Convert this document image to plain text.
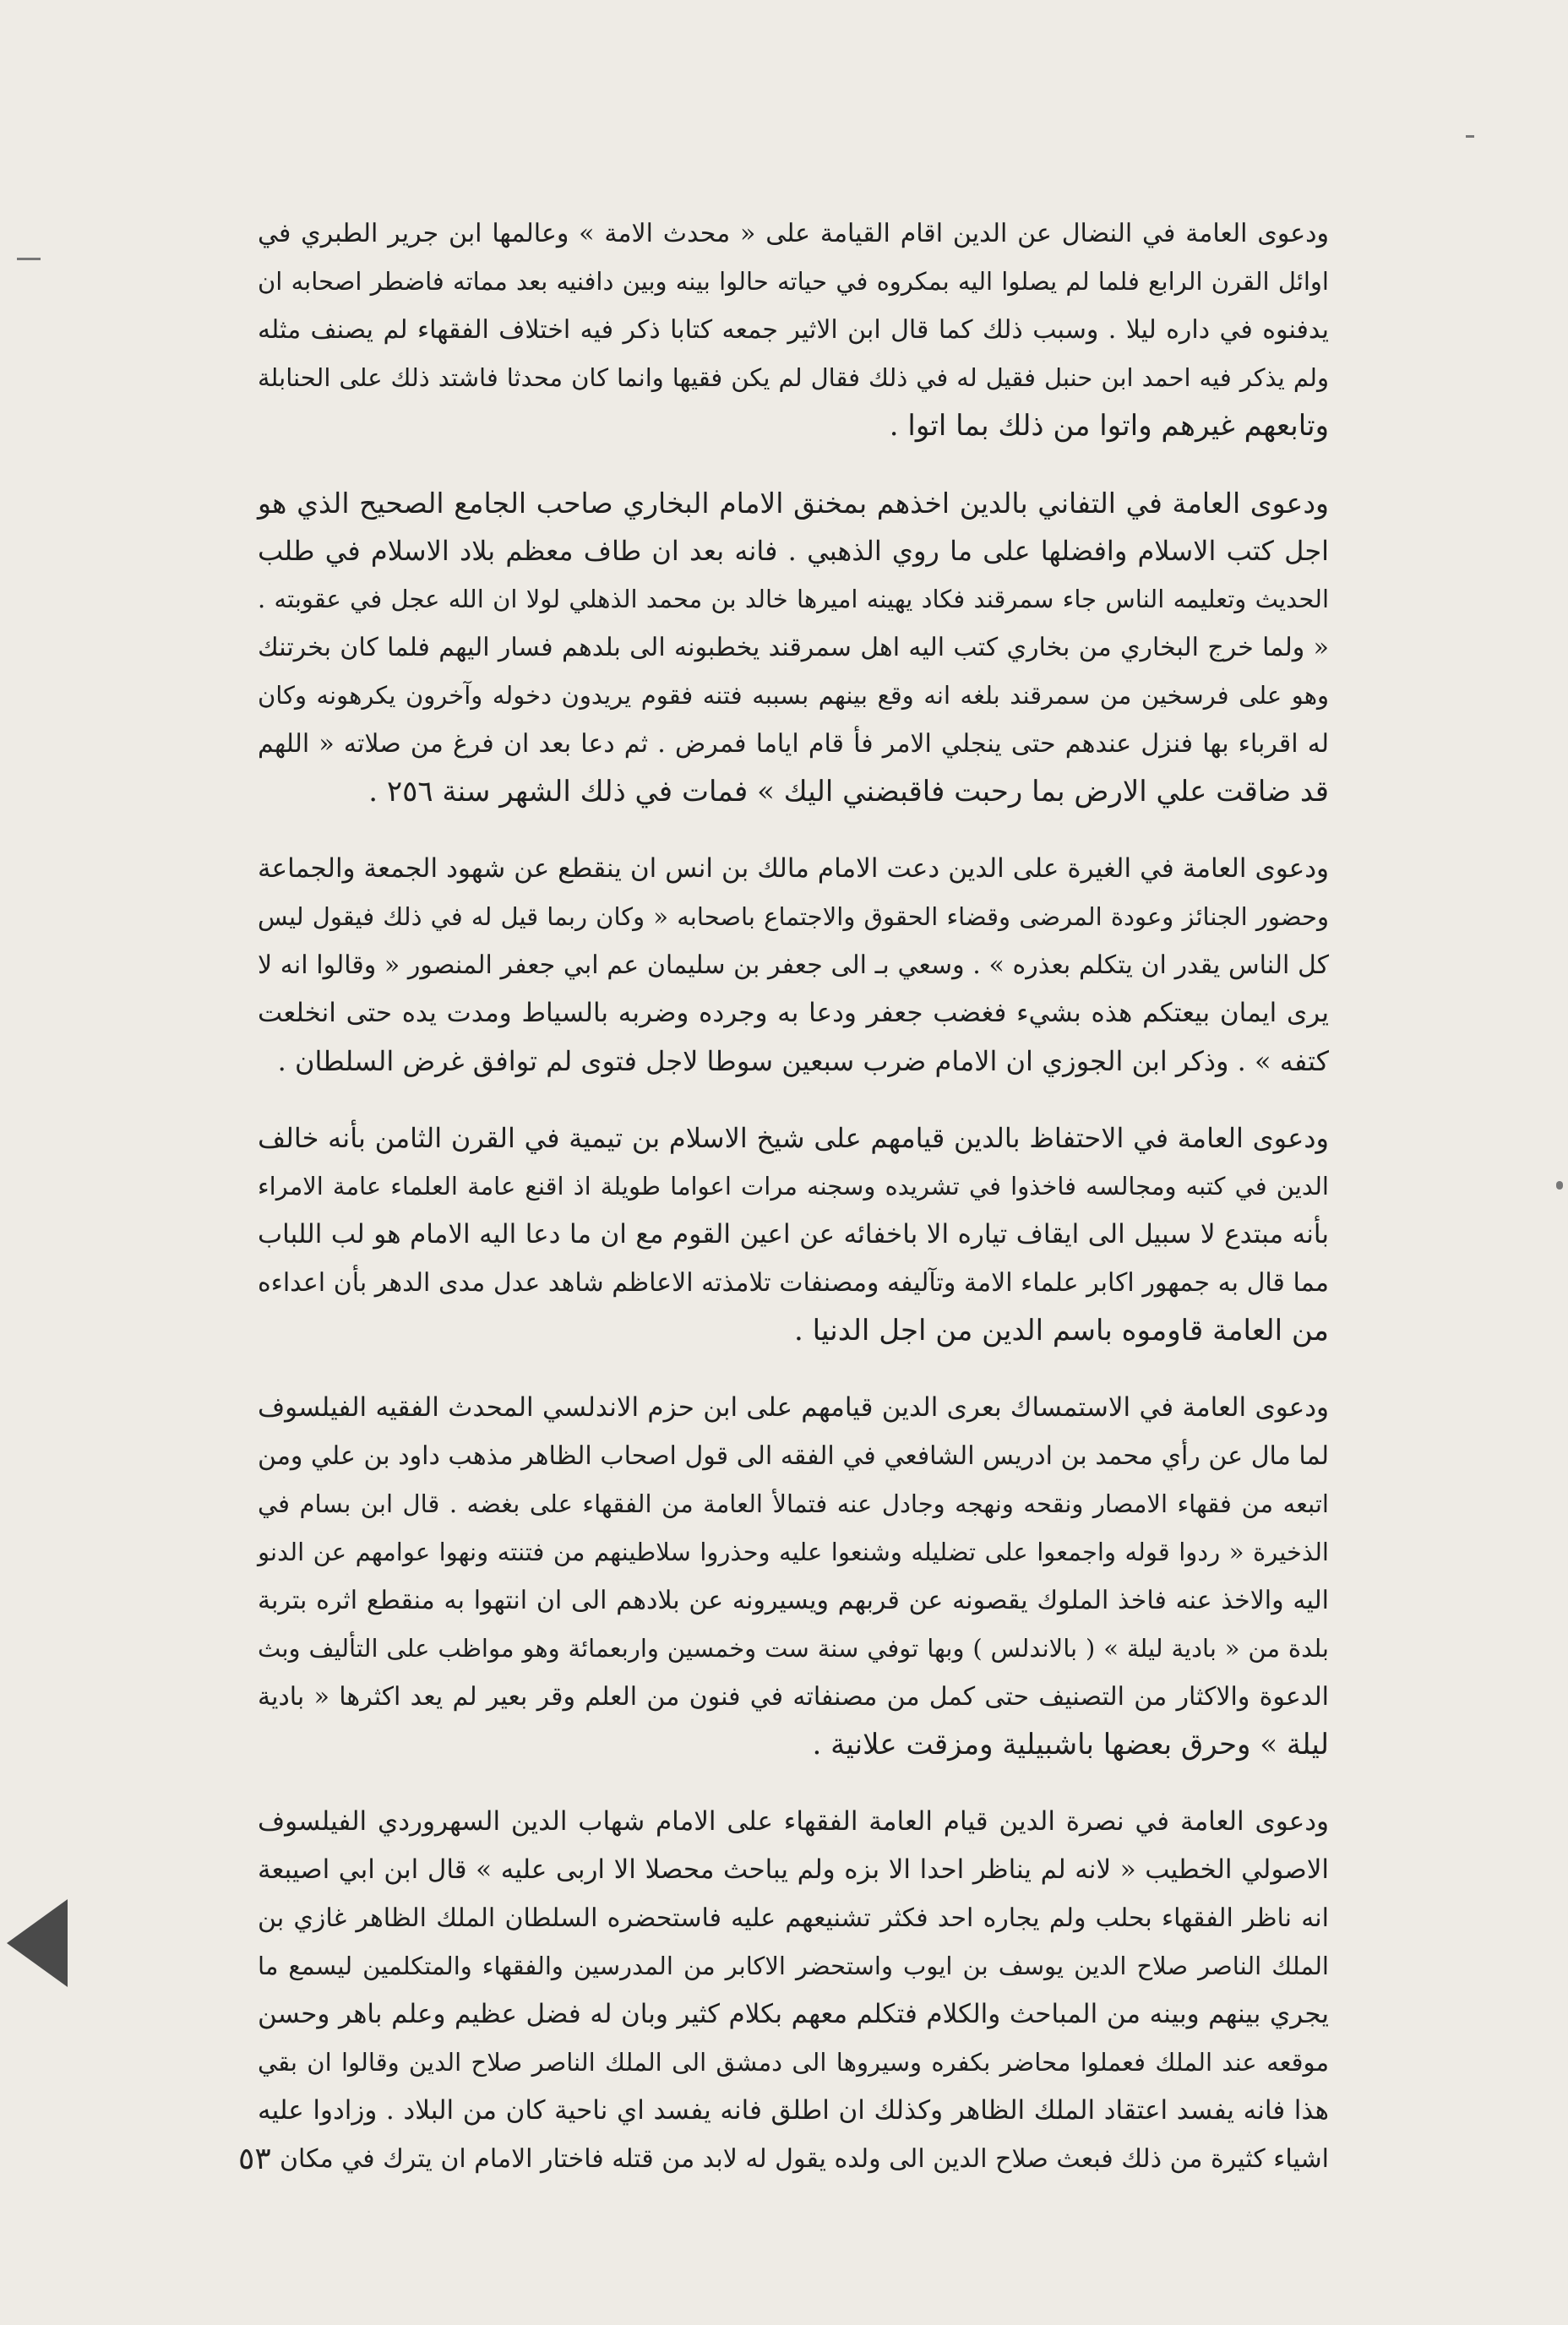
ودعوى العامة في النضال عن الدين اقام القيامة على « محدث الامة » وعالمها ابن جرير الطبري في
اوائل القرن الرابع فلما لم يصلوا اليه بمكروه في حياته حالوا بينه وبين دافنيه بعد مماته فاضطر اصحابه ان
يدفنوه في داره ليلا . وسبب ذلك كما قال ابن الاثير جمعه كتابا ذكر فيه اختلاف الفقهاء لم يصنف مثله
ولم يذكر فيه احمد ابن حنبل فقيل له في ذلك فقال لم يكن فقيها وانما كان محدثا فاشتد ذلك على الحنابلة
وتابعهم غيرهم واتوا من ذلك بما اتوا .
ودعوى العامة في التفاني بالدين اخذهم بمخنق الامام البخاري صاحب الجامع الصحيح الذي هو
اجل كتب الاسلام وافضلها على ما روي الذهبي . فانه بعد ان طاف معظم بلاد الاسلام في طلب
الحديث وتعليمه الناس جاء سمرقند فكاد يهينه اميرها خالد بن محمد الذهلي لولا ان الله عجل في عقوبته .
« ولما خرج البخاري من بخاري كتب اليه اهل سمرقند يخطبونه الى بلدهم فسار اليهم فلما كان بخرتنك
وهو على فرسخين من سمرقند بلغه انه وقع بينهم بسببه فتنه فقوم يريدون دخوله وآخرون يكرهونه وكان
له اقرباء بها فنزل عندهم حتى ينجلي الامر فأ قام اياما فمرض . ثم دعا بعد ان فرغ من صلاته « اللهم
قد ضاقت علي الارض بما رحبت فاقبضني اليك » فمات في ذلك الشهر سنة ٢٥٦ .
ودعوى العامة في الغيرة على الدين دعت الامام مالك بن انس ان ينقطع عن شهود الجمعة والجماعة
وحضور الجنائز وعودة المرضى وقضاء الحقوق والاجتماع باصحابه « وكان ربما قيل له في ذلك فيقول ليس
كل الناس يقدر ان يتكلم بعذره » . وسعي بـ الى جعفر بن سليمان عم ابي جعفر المنصور « وقالوا انه لا
يرى ايمان بيعتكم هذه بشيء فغضب جعفر ودعا به وجرده وضربه بالسياط ومدت يده حتى انخلعت
كتفه » . وذكر ابن الجوزي ان الامام ضرب سبعين سوطا لاجل فتوى لم توافق غرض السلطان .
ودعوى العامة في الاحتفاظ بالدين قيامهم على شيخ الاسلام بن تيمية في القرن الثامن بأنه خالف
الدين في كتبه ومجالسه فاخذوا في تشريده وسجنه مرات اعواما طويلة اذ اقنع عامة العلماء عامة الامراء
بأنه مبتدع لا سبيل الى ايقاف تياره الا باخفائه عن اعين القوم مع ان ما دعا اليه الامام هو لب اللباب
مما قال به جمهور اكابر علماء الامة وتآليفه ومصنفات تلامذته الاعاظم شاهد عدل مدى الدهر بأن اعداءه
من العامة قاوموه باسم الدين من اجل الدنيا .
ودعوى العامة في الاستمساك بعرى الدين قيامهم على ابن حزم الاندلسي المحدث الفقيه الفيلسوف
لما مال عن رأي محمد بن ادريس الشافعي في الفقه الى قول اصحاب الظاهر مذهب داود بن علي ومن
اتبعه من فقهاء الامصار ونقحه ونهجه وجادل عنه فتمالأ العامة من الفقهاء على بغضه . قال ابن بسام في
الذخيرة « ردوا قوله واجمعوا على تضليله وشنعوا عليه وحذروا سلاطينهم من فتنته ونهوا عوامهم عن الدنو
اليه والاخذ عنه فاخذ الملوك يقصونه عن قربهم ويسيرونه عن بلادهم الى ان انتهوا به منقطع اثره بتربة
بلدة من « بادية ليلة » ( بالاندلس ) وبها توفي سنة ست وخمسين واربعمائة وهو مواظب على التأليف وبث
الدعوة والاكثار من التصنيف حتى كمل من مصنفاته في فنون من العلم وقر بعير لم يعد اكثرها « بادية
ليلة » وحرق بعضها باشبيلية ومزقت علانية .
ودعوى العامة في نصرة الدين قيام العامة الفقهاء على الامام شهاب الدين السهروردي الفيلسوف
الاصولي الخطيب « لانه لم يناظر احدا الا بزه ولم يباحث محصلا الا اربى عليه » قال ابن ابي اصيبعة
انه ناظر الفقهاء بحلب ولم يجاره احد فكثر تشنيعهم عليه فاستحضره السلطان الملك الظاهر غازي بن
الملك الناصر صلاح الدين يوسف بن ايوب واستحضر الاكابر من المدرسين والفقهاء والمتكلمين ليسمع ما
يجري بينهم وبينه من المباحث والكلام فتكلم معهم بكلام كثير وبان له فضل عظيم وعلم باهر وحسن
موقعه عند الملك فعملوا محاضر بكفره وسيروها الى دمشق الى الملك الناصر صلاح الدين وقالوا ان بقي
هذا فانه يفسد اعتقاد الملك الظاهر وكذلك ان اطلق فانه يفسد اي ناحية كان من البلاد . وزادوا عليه
اشياء كثيرة من ذلك فبعث صلاح الدين الى ولده يقول له لابد من قتله فاختار الامام ان يترك في مكان
٥٣
